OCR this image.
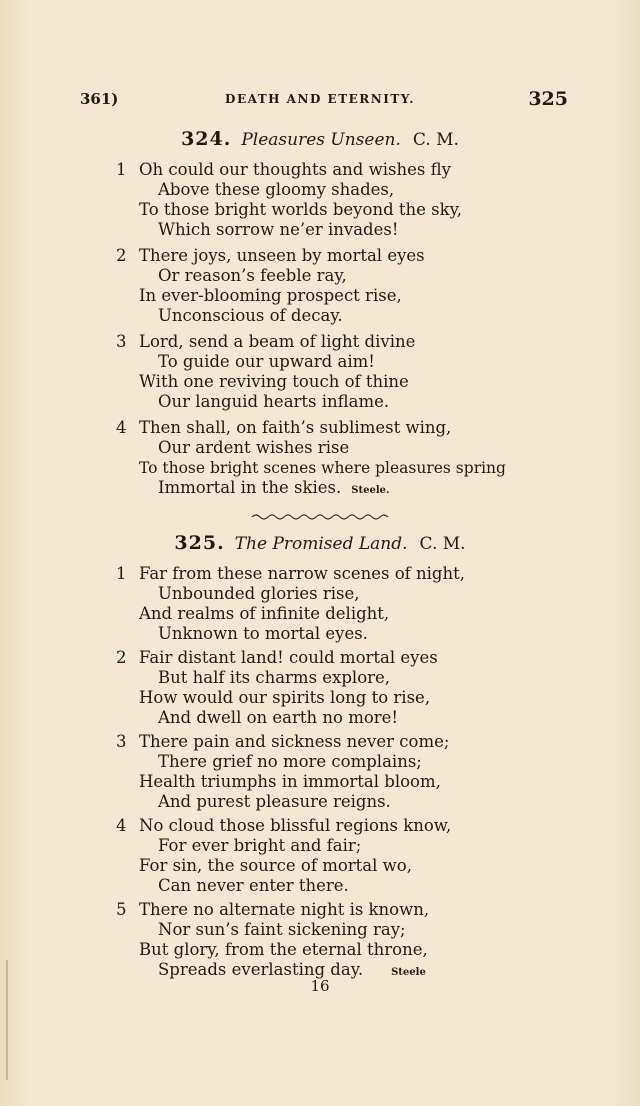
361)	DEATH AND ETERNITY.	325
324. Pleasures Unseen. C. M.
1 Oh could our thoughts and wishes fly
Above these gloomy shades,
To those bright worlds beyond the sky,
Which sorrow ne’er invades!
2 There joys, unseen by mortal eyes
Or reason’s feeble ray,
In ever-blooming prospect rise,
Unconscious of decay.
3 Lord, send a beam of light divine
To guide our upward aim!
With one reviving touch of thine
Our languid hearts inflame.
4 Then shall, on faith’s sublimest wing,
Our ardent wishes rise
To those bright scenes where pleasures spring
Immortal in the skies. Steele.
325. The Promised Land. C. M.
1 Far from these narrow scenes of night,
Unbounded glories rise,
And realms of infinite delight,
Unknown to mortal eyes.
2 Fair distant land! could mortal eyes
But half its charms explore,
How would our spirits long to rise,
And dwell on earth no more!
3 There pain and sickness never come;
There grief no more complains;
Health triumphs in immortal bloom,
And purest pleasure reigns.
4 No cloud those blissful regions know,
For ever bright and fair;
For sin, the source of mortal wo,
Can never enter there.
5 There no alternate night is known,
Nor sun’s faint sickening ray;
But glory, from the eternal throne,
Spreads everlasting day.	Steele
16
